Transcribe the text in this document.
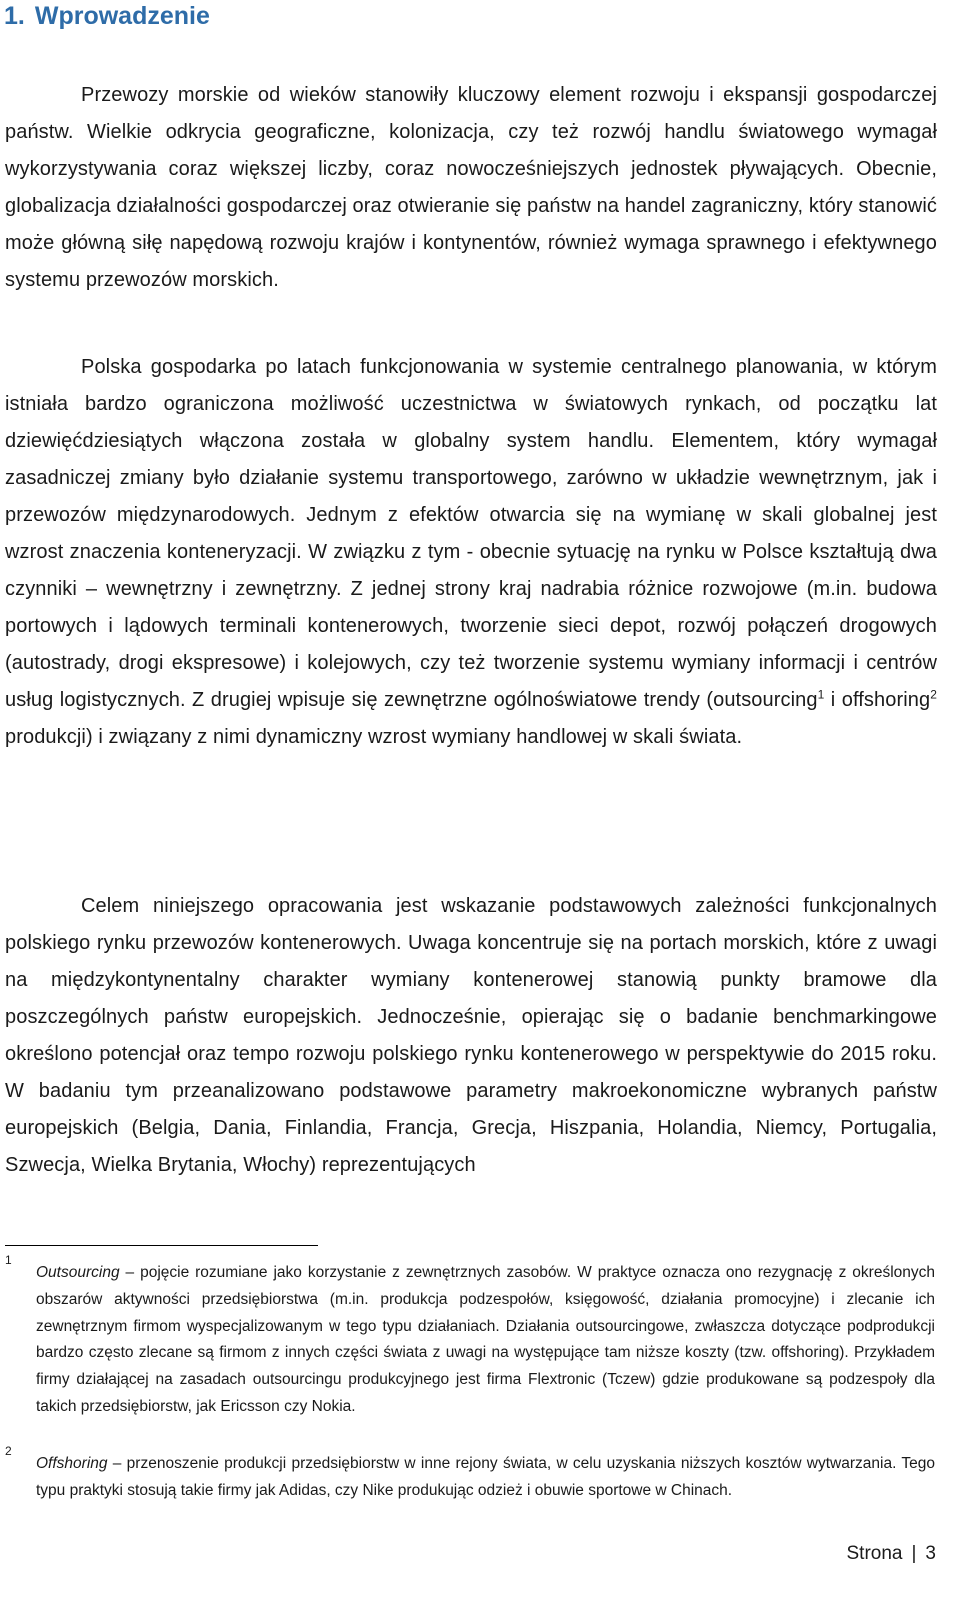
1. Wprowadzenie

Przewozy morskie od wieków stanowiły kluczowy element rozwoju i ekspansji gospodarczej państw. Wielkie odkrycia geograficzne, kolonizacja, czy też rozwój handlu światowego wymagał wykorzystywania coraz większej liczby, coraz nowocześniejszych jednostek pływających. Obecnie, globalizacja działalności gospodarczej oraz otwieranie się państw na handel zagraniczny, który stanowić może główną siłę napędową rozwoju krajów i kontynentów, również wymaga sprawnego i efektywnego systemu przewozów morskich.

Polska gospodarka po latach funkcjonowania w systemie centralnego planowania, w którym istniała bardzo ograniczona możliwość uczestnictwa w światowych rynkach, od początku lat dziewięćdziesiątych włączona została w globalny system handlu. Elementem, który wymagał zasadniczej zmiany było działanie systemu transportowego, zarówno w układzie wewnętrznym, jak i przewozów międzynarodowych. Jednym z efektów otwarcia się na wymianę w skali globalnej jest wzrost znaczenia konteneryzacji. W związku z tym - obecnie sytuację na rynku w Polsce kształtują dwa czynniki – wewnętrzny i zewnętrzny. Z jednej strony kraj nadrabia różnice rozwojowe (m.in. budowa portowych i lądowych terminali kontenerowych, tworzenie sieci depot, rozwój połączeń drogowych (autostrady, drogi ekspresowe) i kolejowych, czy też tworzenie systemu wymiany informacji i centrów usług logistycznych. Z drugiej wpisuje się zewnętrzne ogólnoświatowe trendy (outsourcing$^1$ i offshoring$^2$ produkcji) i związany z nimi dynamiczny wzrost wymiany handlowej w skali świata.

Celem niniejszego opracowania jest wskazanie podstawowych zależności funkcjonalnych polskiego rynku przewozów kontenerowych. Uwaga koncentruje się na portach morskich, które z uwagi na międzykontynentalny charakter wymiany kontenerowej stanowią punkty bramowe dla poszczególnych państw europejskich. Jednocześnie, opierając się o badanie benchmarkingowe określono potencjał oraz tempo rozwoju polskiego rynku kontenerowego w perspektywie do 2015 roku. W badaniu tym przeanalizowano podstawowe parametry makroekonomiczne wybranych państw europejskich (Belgia, Dania, Finlandia, Francja, Grecja, Hiszpania, Holandia, Niemcy, Portugalia, Szwecja, Wielka Brytania, Włochy) reprezentujących

1

Outsourcing – pojęcie rozumiane jako korzystanie z zewnętrznych zasobów. W praktyce oznacza ono rezygnację z określonych obszarów aktywności przedsiębiorstwa (m.in. produkcja podzespołów, księgowość, działania promocyjne) i zlecanie ich zewnętrznym firmom wyspecjalizowanym w tego typu działaniach. Działania outsourcingowe, zwłaszcza dotyczące podprodukcji bardzo często zlecane są firmom z innych części świata z uwagi na występujące tam niższe koszty (tzw. offshoring). Przykładem firmy działającej na zasadach outsourcingu produkcyjnego jest firma Flextronic (Tczew) gdzie produkowane są podzespoły dla takich przedsiębiorstw, jak Ericsson czy Nokia.

2

Offshoring – przenoszenie produkcji przedsiębiorstw w inne rejony świata, w celu uzyskania niższych kosztów wytwarzania. Tego typu praktyki stosują takie firmy jak Adidas, czy Nike produkując odzież i obuwie sportowe w Chinach.

Strona | 3
